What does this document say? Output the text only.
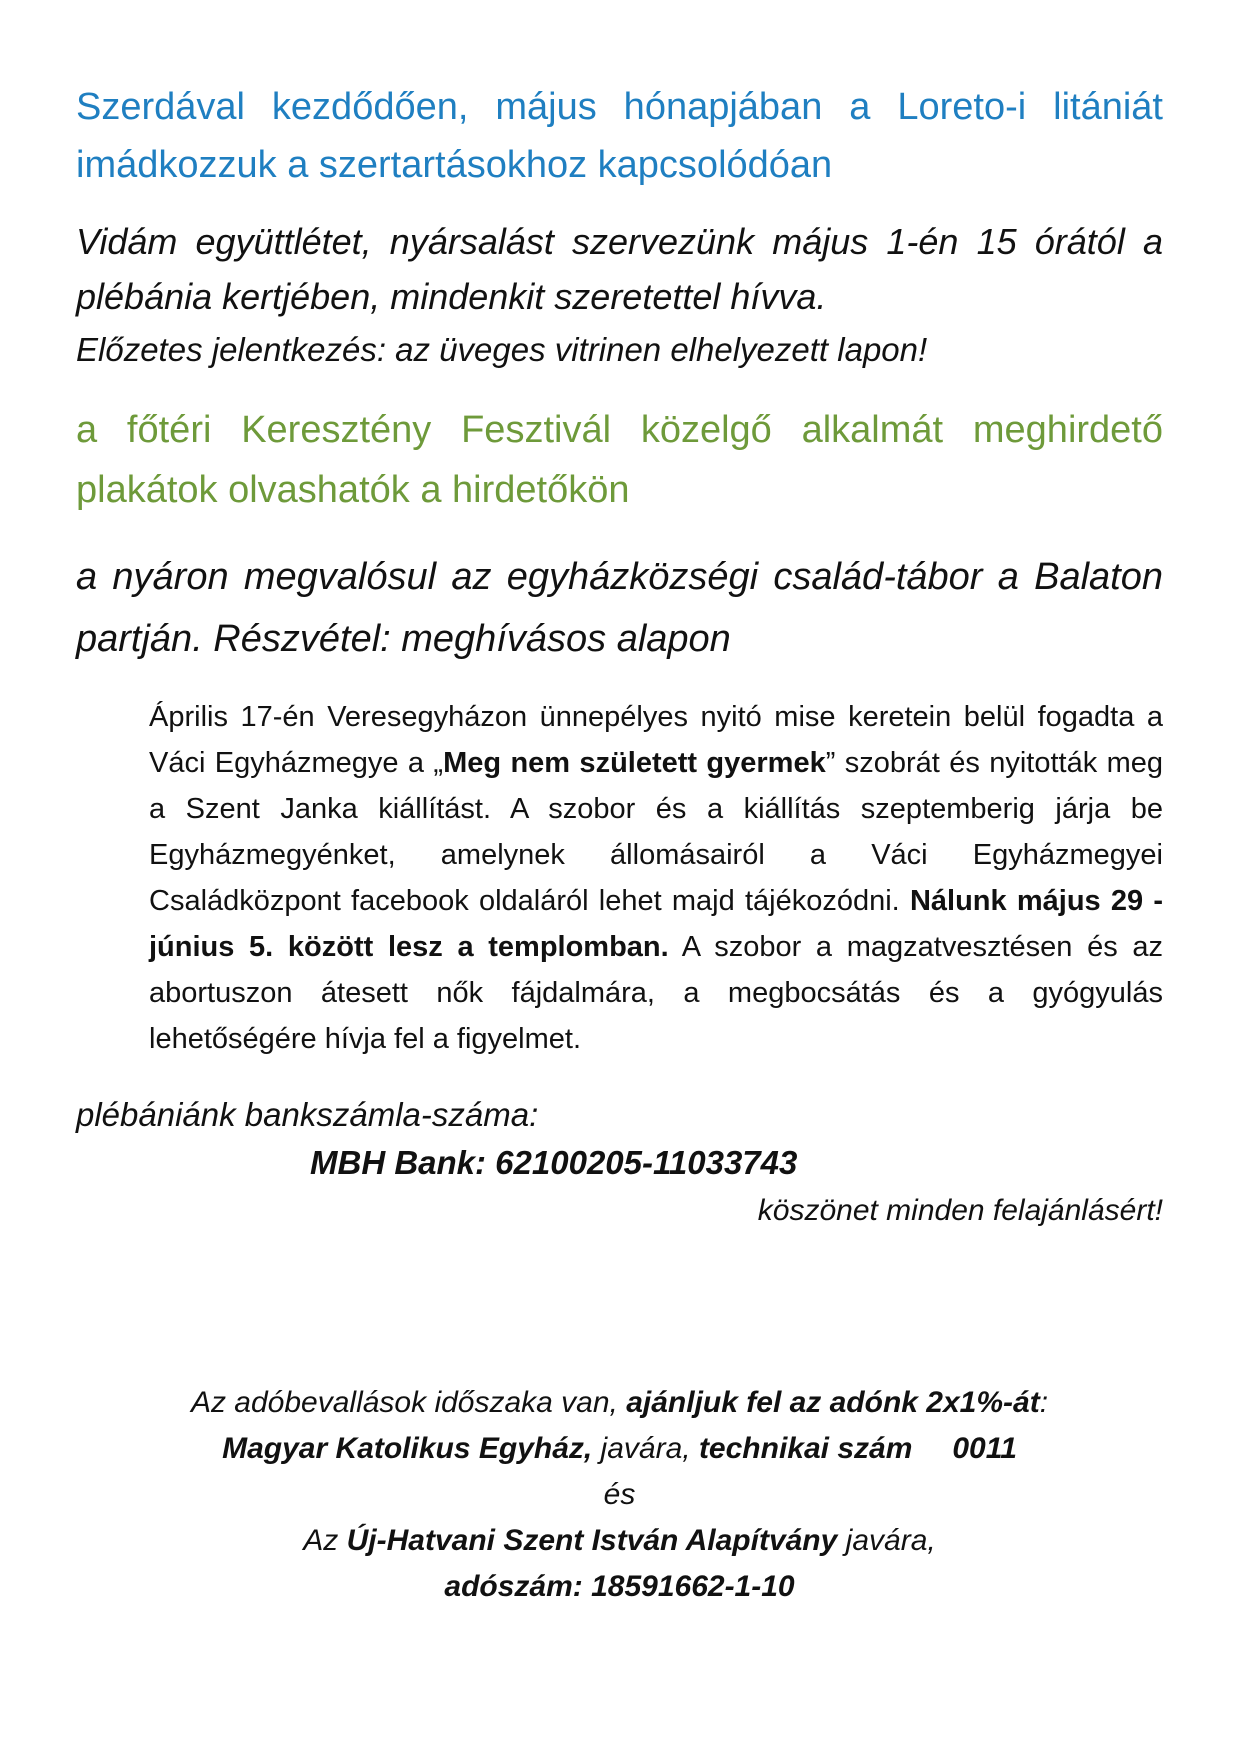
Szerdával kezdődően, május hónapjában a Loreto-i litániát imádkozzuk a szertartásokhoz kapcsolódóan

Vidám együttlétet, nyársalást szervezünk május 1-én 15 órától a plébánia kertjében, mindenkit szeretettel hívva.

Előzetes jelentkezés: az üveges vitrinen elhelyezett lapon!

a főtéri Keresztény Fesztivál közelgő alkalmát meghirdető plakátok olvashatók a hirdetőkön

a nyáron megvalósul az egyházközségi család-tábor a Balaton partján. Részvétel: meghívásos alapon

Április 17-én Veresegyházon ünnepélyes nyitó mise keretein belül fogadta a Váci Egyházmegye a „Meg nem született gyermek” szobrát és nyitották meg a Szent Janka kiállítást. A szobor és a kiállítás szeptemberig járja be Egyházmegyénket, amelynek állomásairól a Váci Egyházmegyei Családközpont facebook oldaláról lehet majd tájékozódni. Nálunk május 29 - június 5. között lesz a templomban. A szobor a magzatvesztésen és az abortuszon átesett nők fájdalmára, a megbocsátás és a gyógyulás lehetőségére hívja fel a figyelmet.

plébániánk bankszámla-száma:

MBH Bank: 62100205-11033743

köszönet minden felajánlásért!

Az adóbevallások időszaka van, ajánljuk fel az adónk 2x1%-át:
Magyar Katolikus Egyház, javára, technikai szám 0011
és
Az Új-Hatvani Szent István Alapítvány javára,
adószám: 18591662-1-10
